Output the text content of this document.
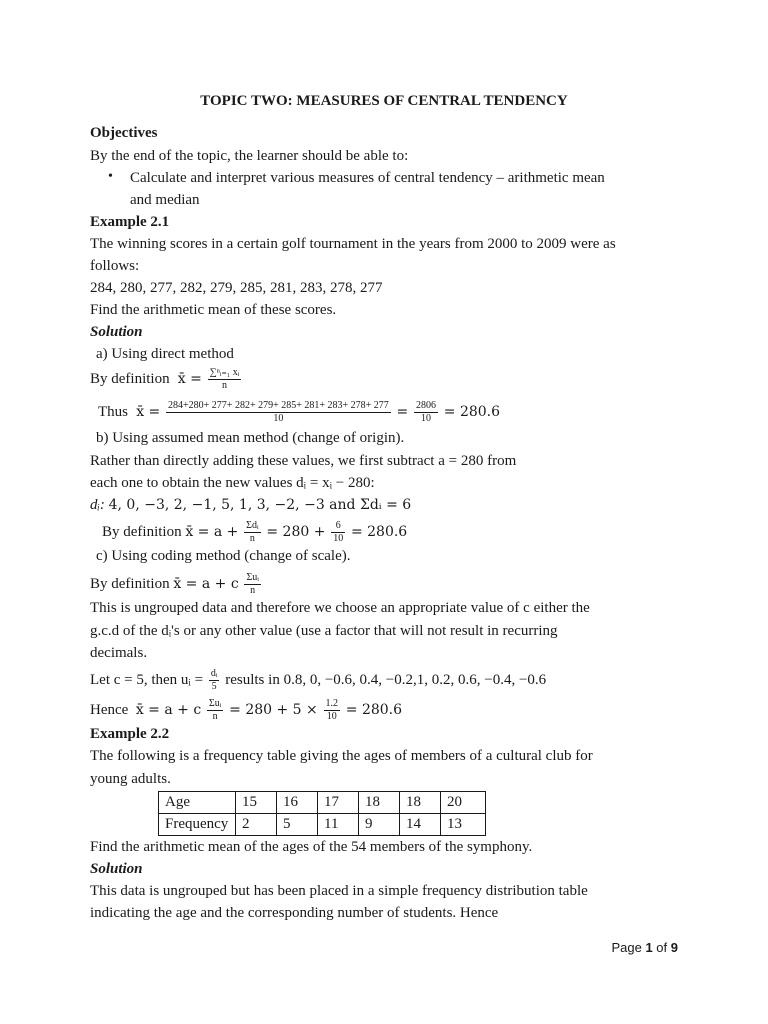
TOPIC TWO: MEASURES OF CENTRAL TENDENCY
Objectives
By the end of the topic, the learner should be able to:
• Calculate and interpret various measures of central tendency – arithmetic mean
and median
Example 2.1
The winning scores in a certain golf tournament in the years from 2000 to 2009 were as
follows:
284, 280, 277, 282, 279, 285, 281, 283, 278, 277
Find the arithmetic mean of these scores.
Solution
a) Using direct method
By definition  x̄ = $\frac{\text{∑ⁿᵢ₌₁ xᵢ}}{n}$
Thus  x̄ = $\frac{284+280+ 277+ 282+ 279+ 285+ 281+ 283+ 278+ 277}{10} = \frac{2806}{10} = 280.6$
b) Using assumed mean method (change of origin).
Rather than directly adding these values, we first subtract a = 280 from
each one to obtain the new values dᵢ = xᵢ − 280:
dᵢ: 4, 0, −3, 2, −1, 5, 1, 3, −2, −3 and Σdᵢ = 6
By definition x̄ = $a + \frac{\text{Σdᵢ}}{n} = 280 + \frac{6}{10} = 280.6$
c) Using coding method (change of scale).
By definition x̄ = a + c $\frac{\text{Σuᵢ}}{n}$
This is ungrouped data and therefore we choose an appropriate value of c either the
g.c.d of the dᵢ's or any other value (use a factor that will not result in recurring
decimals.
Let c = 5, then uᵢ = $\frac{\text{dᵢ}}{5}$ results in 0.8, 0, −0.6, 0.4, −0.2,1, 0.2, 0.6, −0.4, −0.6
Hence x̄ = a + c $\frac{\text{Σuᵢ}}{n} = 280 + 5 \times \frac{1.2}{10} = 280.6$
Example 2.2
The following is a frequency table giving the ages of members of a cultural club for
young adults.
Age	15	16	17	18	18	20
Frequency	2	5	11	9	14	13
Find the arithmetic mean of the ages of the 54 members of the symphony.
Solution
This data is ungrouped but has been placed in a simple frequency distribution table
indicating the age and the corresponding number of students. Hence
Page 1 of 9
